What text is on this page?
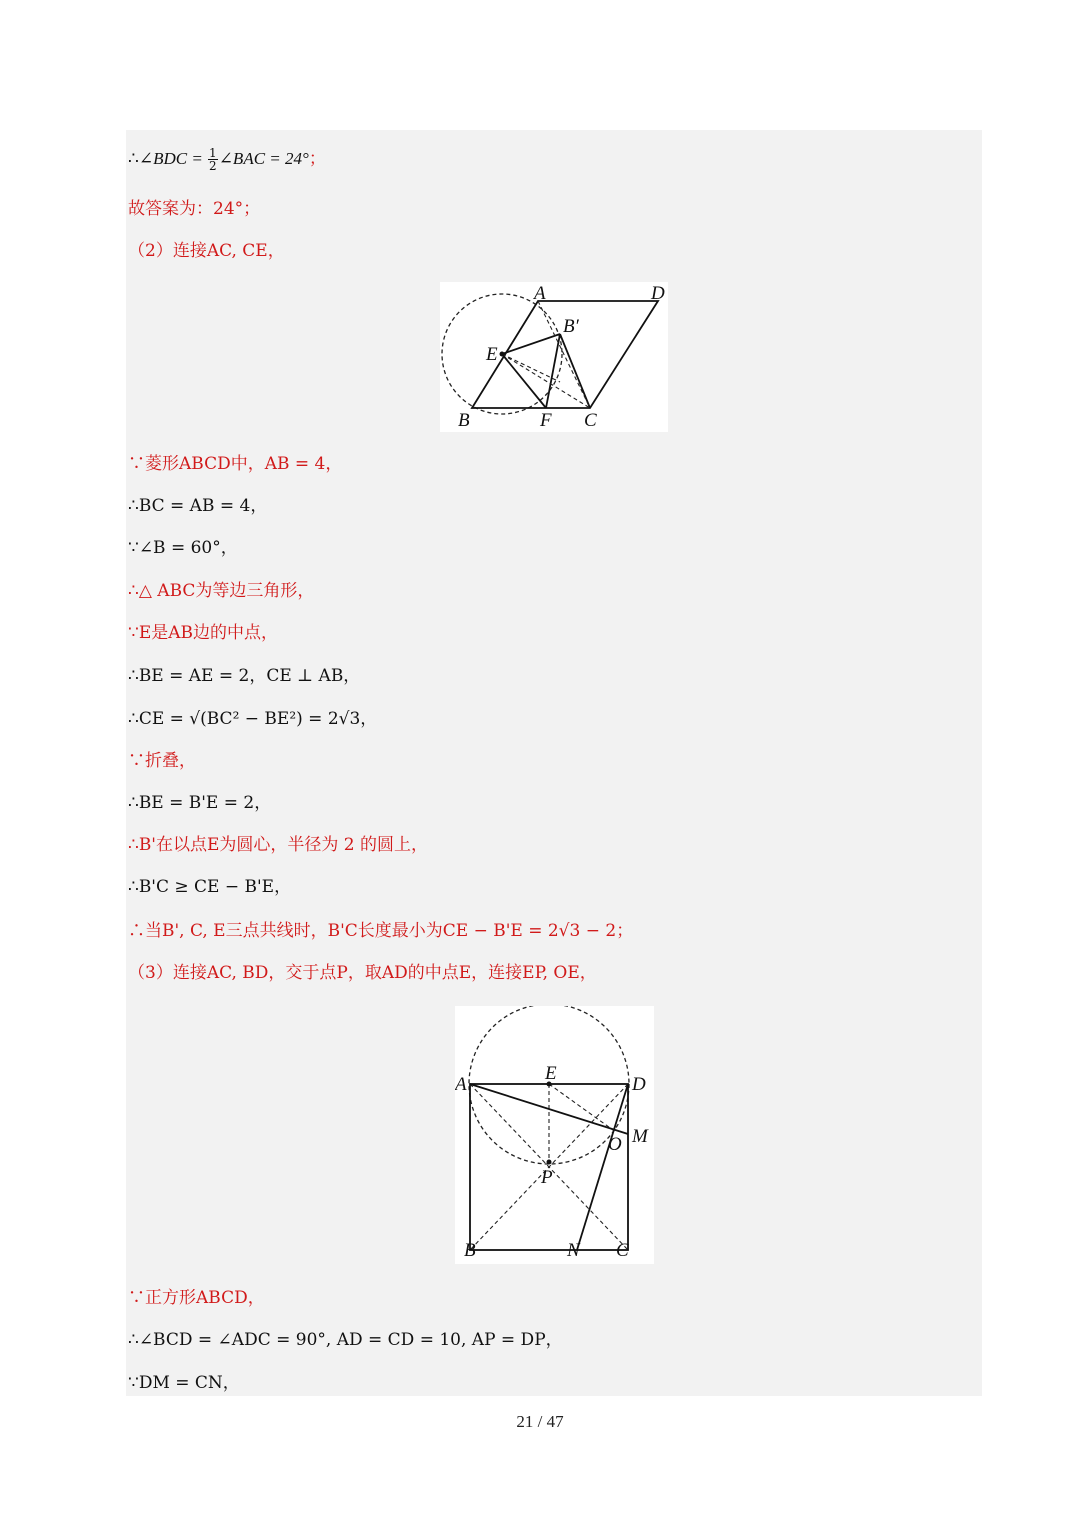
∴∠BDC = $\frac{1}{2}$ ∠BAC = 24°；
故答案为：24°；
（2）连接AC, CE，
A	D
B′
E
B	F C
∵菱形ABCD中，AB = 4，
∴BC = AB = 4，
∵∠B = 60°，
∴△ ABC为等边三角形，
∵E是AB边的中点，
∴BE = AE = 2，CE ⊥ AB，
∴CE = √(BC² − BE²) = 2√3，
∵折叠，
∴BE = B'E = 2，
∴B'在以点E为圆心，半径为 2 的圆上，
∴B'C ≥ CE − B'E，
∴当B', C, E三点共线时，B'C长度最小为CE − B'E = 2√3 − 2；
（3）连接AC, BD，交于点P，取AD的中点E，连接EP, OE，
A
E
D
M
O
P
B	N C
∵正方形ABCD，
∴∠BCD = ∠ADC = 90°, AD = CD = 10, AP = DP，
∵DM = CN，
21 / 47
